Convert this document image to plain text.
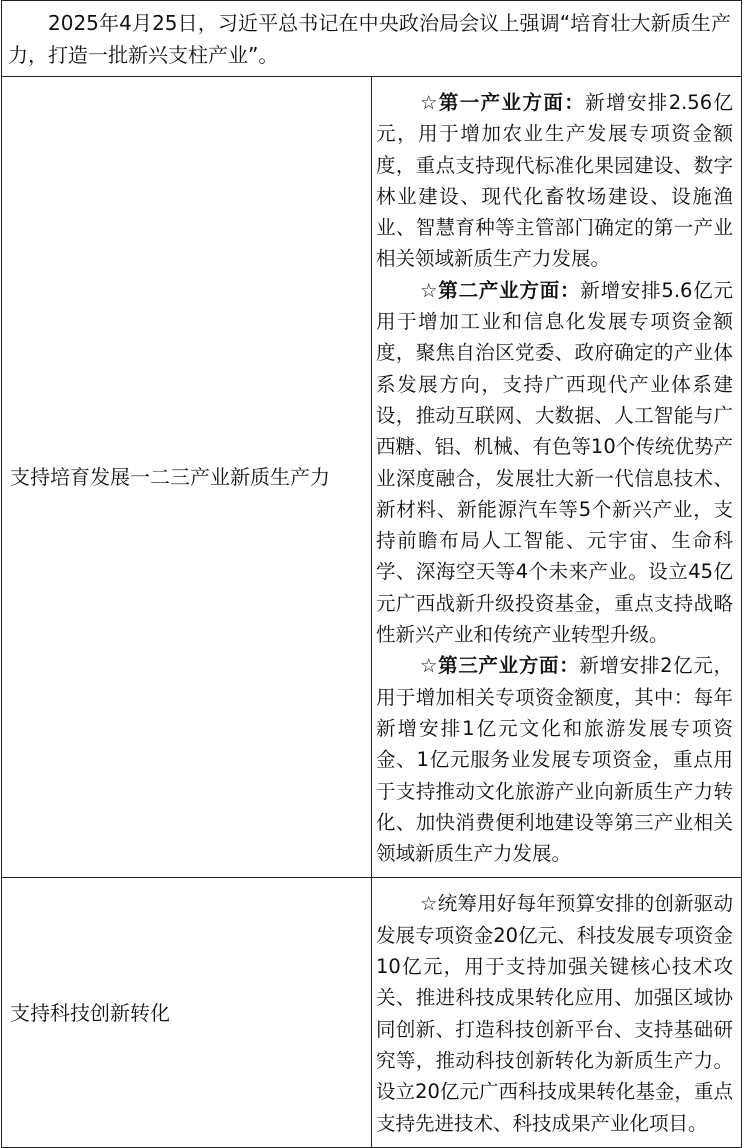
2025年4月25日，习近平总书记在中央政治局会议上强调“培育壮大新质生产力，打造一批新兴支柱产业”。	

支持培育发展一二三产业新质生产力	☆第一产业方面：新增安排2.56亿元，用于增加农业生产发展专项资金额度，重点支持现代标准化果园建设、数字林业建设、现代化畜牧场建设、设施渔业、智慧育种等主管部门确定的第一产业相关领域新质生产力发展。

☆第二产业方面：新增安排5.6亿元用于增加工业和信息化发展专项资金额度，聚焦自治区党委、政府确定的产业体系发展方向，支持广西现代产业体系建设，推动互联网、大数据、人工智能与广西糖、铝、机械、有色等10个传统优势产业深度融合，发展壮大新一代信息技术、新材料、新能源汽车等5个新兴产业，支持前瞻布局人工智能、元宇宙、生命科学、深海空天等4个未来产业。设立45亿元广西战新升级投资基金，重点支持战略性新兴产业和传统产业转型升级。

☆第三产业方面：新增安排2亿元，用于增加相关专项资金额度，其中：每年新增安排1亿元文化和旅游发展专项资金、1亿元服务业发展专项资金，重点用于支持推动文化旅游产业向新质生产力转化、加快消费便利地建设等第三产业相关领域新质生产力发展。

支持科技创新转化	☆统筹用好每年预算安排的创新驱动发展专项资金20亿元、科技发展专项资金10亿元，用于支持加强关键核心技术攻关、推进科技成果转化应用、加强区域协同创新、打造科技创新平台、支持基础研究等，推动科技创新转化为新质生产力。设立20亿元广西科技成果转化基金，重点支持先进技术、科技成果产业化项目。
